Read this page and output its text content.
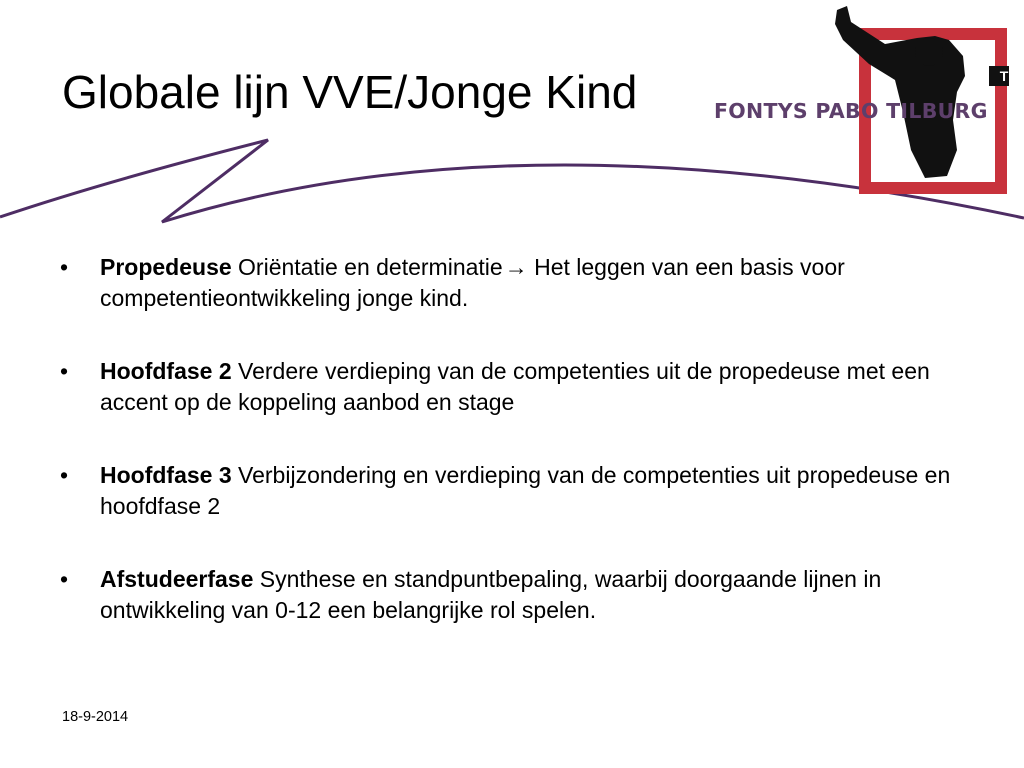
Globale lijn VVE/Jonge Kind	T
FONTYS PABO TILBURG
• Propedeuse Oriëntatie en determinatie→ Het leggen van een basis voor competentieontwikkeling jonge kind.
• Hoofdfase 2 Verdere verdieping van de competenties uit de propedeuse met een accent op de koppeling aanbod en stage
• Hoofdfase 3 Verbijzondering en verdieping van de competenties uit propedeuse en hoofdfase 2
• Afstudeerfase Synthese en standpuntbepaling, waarbij doorgaande lijnen in ontwikkeling van 0-12 een belangrijke rol spelen.
18-9-2014
